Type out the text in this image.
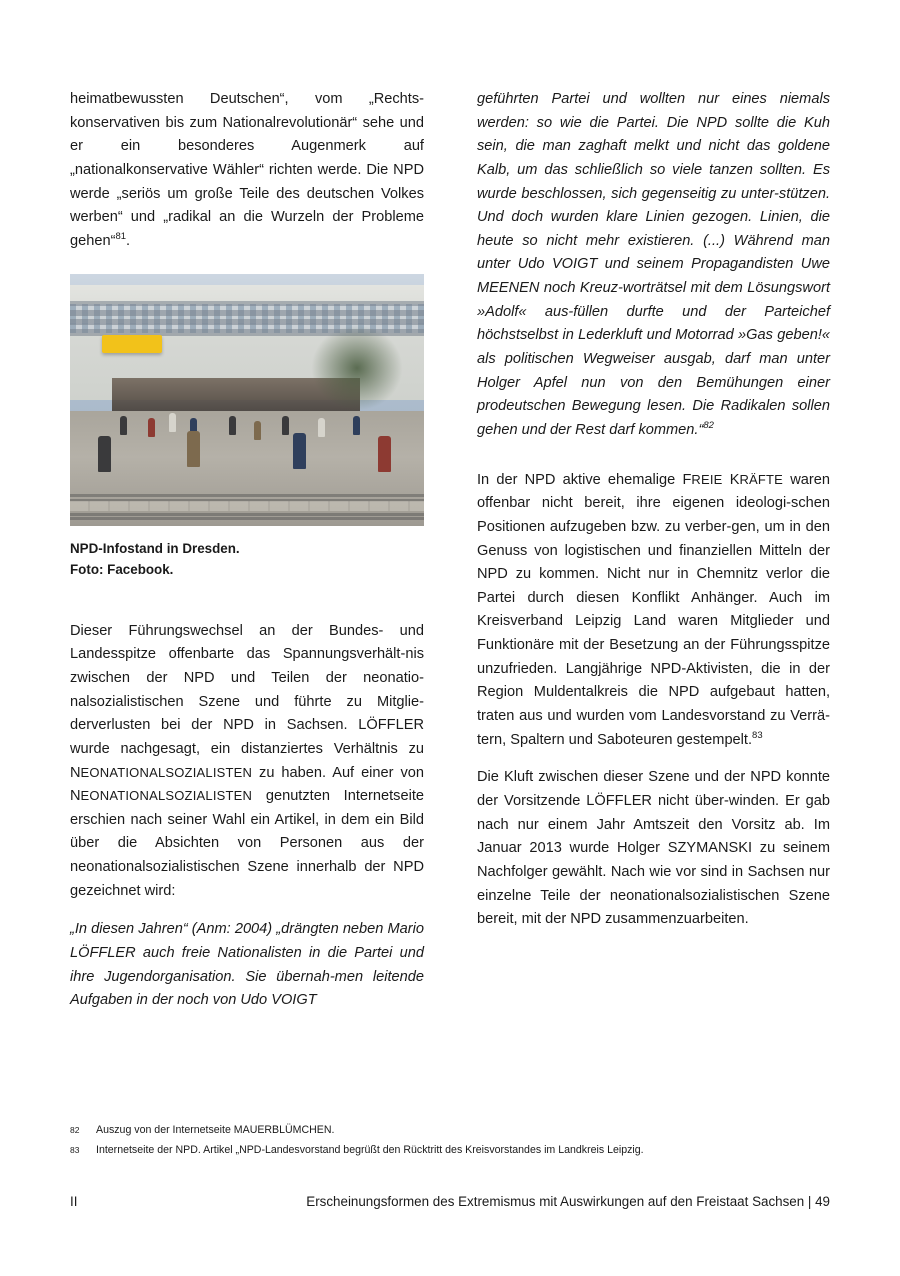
heimatbewussten Deutschen“, vom „Rechts-konservativen bis zum Nationalrevolutionär“ sehe und er ein besonderes Augenmerk auf „nationalkonservative Wähler“ richten werde. Die NPD werde „seriös um große Teile des deutschen Volkes werben“ und „radikal an die Wurzeln der Probleme gehen“$^{81}$.

NPD-Infostand in Dresden.
Foto: Facebook.

Dieser Führungswechsel an der Bundes- und Landesspitze offenbarte das Spannungsverhält-nis zwischen der NPD und Teilen der neonatio-nalsozialistischen Szene und führte zu Mitglie-derverlusten bei der NPD in Sachsen. LÖFFLER wurde nachgesagt, ein distanziertes Verhältnis zu NEONATIONALSOZIALISTEN zu haben. Auf einer von NEONATIONALSOZIALISTEN genutzten Internetseite erschien nach seiner Wahl ein Artikel, in dem ein Bild über die Absichten von Personen aus der neonationalsozialistischen Szene innerhalb der NPD gezeichnet wird:

„In diesen Jahren“ (Anm: 2004) „drängten neben Mario LÖFFLER auch freie Nationalisten in die Partei und ihre Jugendorganisation. Sie übernah-men leitende Aufgaben in der noch von Udo VOIGT

geführten Partei und wollten nur eines niemals werden: so wie die Partei. Die NPD sollte die Kuh sein, die man zaghaft melkt und nicht das goldene Kalb, um das schließlich so viele tanzen sollten. Es wurde beschlossen, sich gegenseitig zu unter-stützen. Und doch wurden klare Linien gezogen. Linien, die heute so nicht mehr existieren. (...) Während man unter Udo VOIGT und seinem Propagandisten Uwe MEENEN noch Kreuz-worträtsel mit dem Lösungswort »Adolf« aus-füllen durfte und der Parteichef höchstselbst in Lederkluft und Motorrad »Gas geben!« als politischen Wegweiser ausgab, darf man unter Holger Apfel nun von den Bemühungen einer prodeutschen Bewegung lesen. Die Radikalen sollen gehen und der Rest darf kommen.“$^{82}$

In der NPD aktive ehemalige FREIE KRÄFTE waren offenbar nicht bereit, ihre eigenen ideologi-schen Positionen aufzugeben bzw. zu verber-gen, um in den Genuss von logistischen und finanziellen Mitteln der NPD zu kommen. Nicht nur in Chemnitz verlor die Partei durch diesen Konflikt Anhänger. Auch im Kreisverband Leipzig Land waren Mitglieder und Funktionäre mit der Besetzung an der Führungsspitze unzufrieden. Langjährige NPD-Aktivisten, die in der Region Muldentalkreis die NPD aufgebaut hatten, traten aus und wurden vom Landesvorstand zu Verrä-tern, Spaltern und Saboteuren gestempelt.$^{83}$

Die Kluft zwischen dieser Szene und der NPD konnte der Vorsitzende LÖFFLER nicht über-winden. Er gab nach nur einem Jahr Amtszeit den Vorsitz ab. Im Januar 2013 wurde Holger SZYMANSKI zu seinem Nachfolger gewählt. Nach wie vor sind in Sachsen nur einzelne Teile der neonationalsozialistischen Szene bereit, mit der NPD zusammenzuarbeiten.

82	Auszug von der Internetseite MAUERBLÜMCHEN.
83	Internetseite der NPD. Artikel „NPD-Landesvorstand begrüßt den Rücktritt des Kreisvorstandes im Landkreis Leipzig.
II	Erscheinungsformen des Extremismus mit Auswirkungen auf den Freistaat Sachsen | 49
